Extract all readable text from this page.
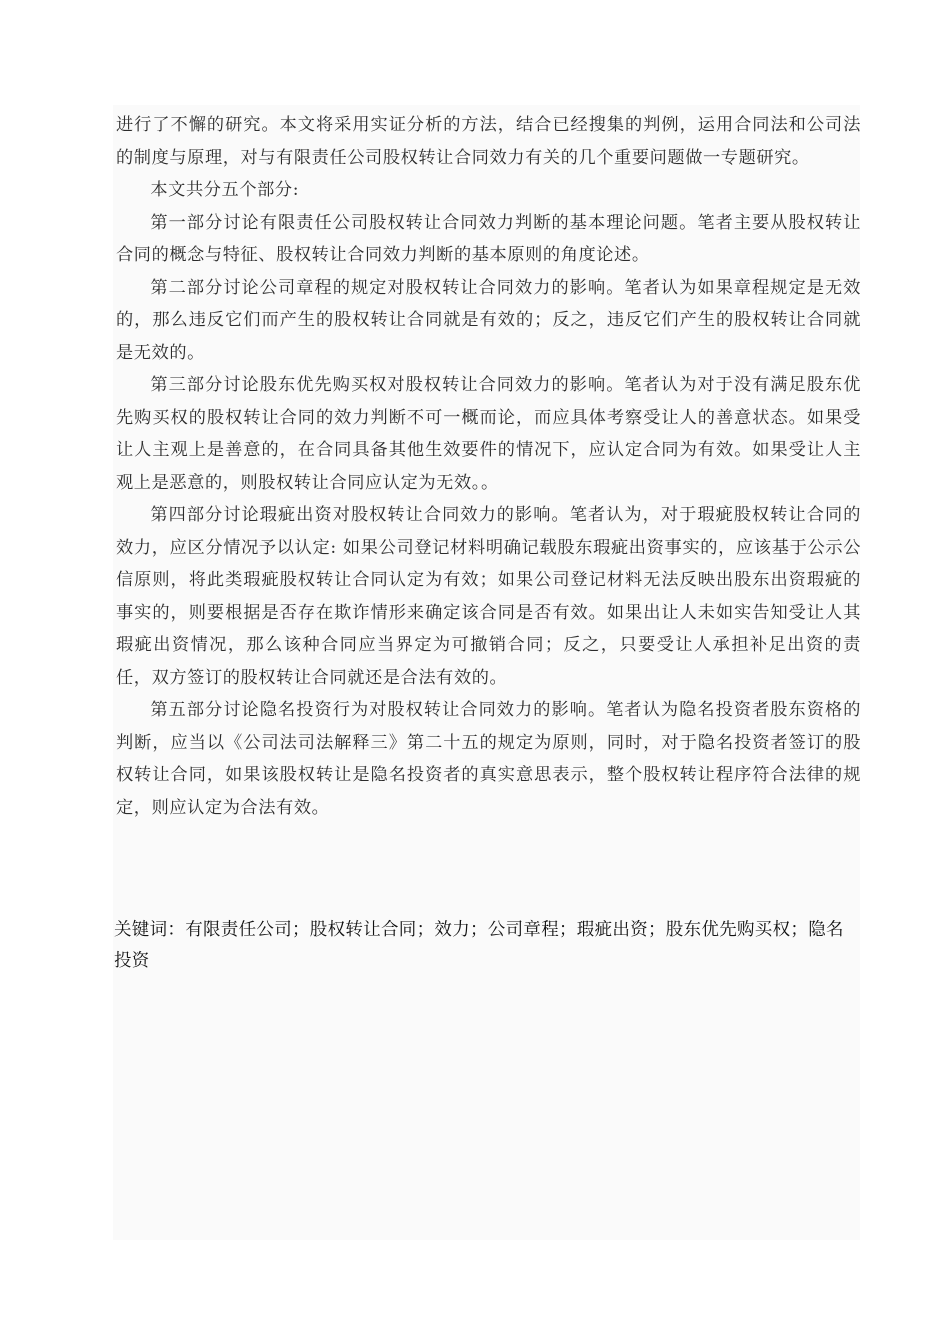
进行了不懈的研究。本文将采用实证分析的方法，结合已经搜集的判例，运用合同法和公司法的制度与原理，对与有限责任公司股权转让合同效力有关的几个重要问题做一专题研究。

本文共分五个部分:

第一部分讨论有限责任公司股权转让合同效力判断的基本理论问题。笔者主要从股权转让合同的概念与特征、股权转让合同效力判断的基本原则的角度论述。

第二部分讨论公司章程的规定对股权转让合同效力的影响。笔者认为如果章程规定是无效的，那么违反它们而产生的股权转让合同就是有效的；反之，违反它们产生的股权转让合同就是无效的。

第三部分讨论股东优先购买权对股权转让合同效力的影响。笔者认为对于没有满足股东优先购买权的股权转让合同的效力判断不可一概而论，而应具体考察受让人的善意状态。如果受让人主观上是善意的，在合同具备其他生效要件的情况下，应认定合同为有效。如果受让人主观上是恶意的，则股权转让合同应认定为无效。。

第四部分讨论瑕疵出资对股权转让合同效力的影响。笔者认为，对于瑕疵股权转让合同的效力，应区分情况予以认定: 如果公司登记材料明确记载股东瑕疵出资事实的，应该基于公示公信原则，将此类瑕疵股权转让合同认定为有效；如果公司登记材料无法反映出股东出资瑕疵的事实的，则要根据是否存在欺诈情形来确定该合同是否有效。如果出让人未如实告知受让人其瑕疵出资情况，那么该种合同应当界定为可撤销合同；反之，只要受让人承担补足出资的责任，双方签订的股权转让合同就还是合法有效的。

第五部分讨论隐名投资行为对股权转让合同效力的影响。笔者认为隐名投资者股东资格的判断，应当以《公司法司法解释三》第二十五的规定为原则，同时，对于隐名投资者签订的股权转让合同，如果该股权转让是隐名投资者的真实意思表示，整个股权转让程序符合法律的规定，则应认定为合法有效。

关键词：有限责任公司；股权转让合同；效力；公司章程；瑕疵出资；股东优先购买权；隐名投资
